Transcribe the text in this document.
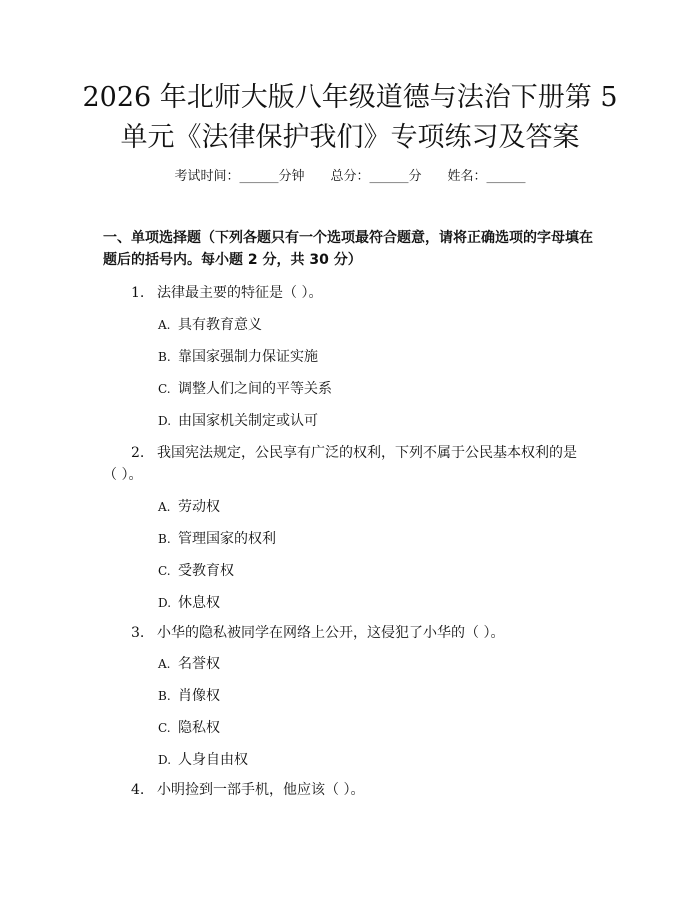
2026 年北师大版八年级道德与法治下册第 5
单元《法律保护我们》专项练习及答案
考试时间：______分钟 总分：______分 姓名：______
一、单项选择题（下列各题只有一个选项最符合题意，请将正确选项的字母填在
题后的括号内。每小题 2 分，共 30 分）
1. 法律最主要的特征是（ ）。
A. 具有教育意义
B. 靠国家强制力保证实施
C. 调整人们之间的平等关系
D. 由国家机关制定或认可
2. 我国宪法规定，公民享有广泛的权利，下列不属于公民基本权利的是
（ ）。
A. 劳动权
B. 管理国家的权利
C. 受教育权
D. 休息权
3. 小华的隐私被同学在网络上公开，这侵犯了小华的（ ）。
A. 名誉权
B. 肖像权
C. 隐私权
D. 人身自由权
4. 小明捡到一部手机，他应该（ ）。
